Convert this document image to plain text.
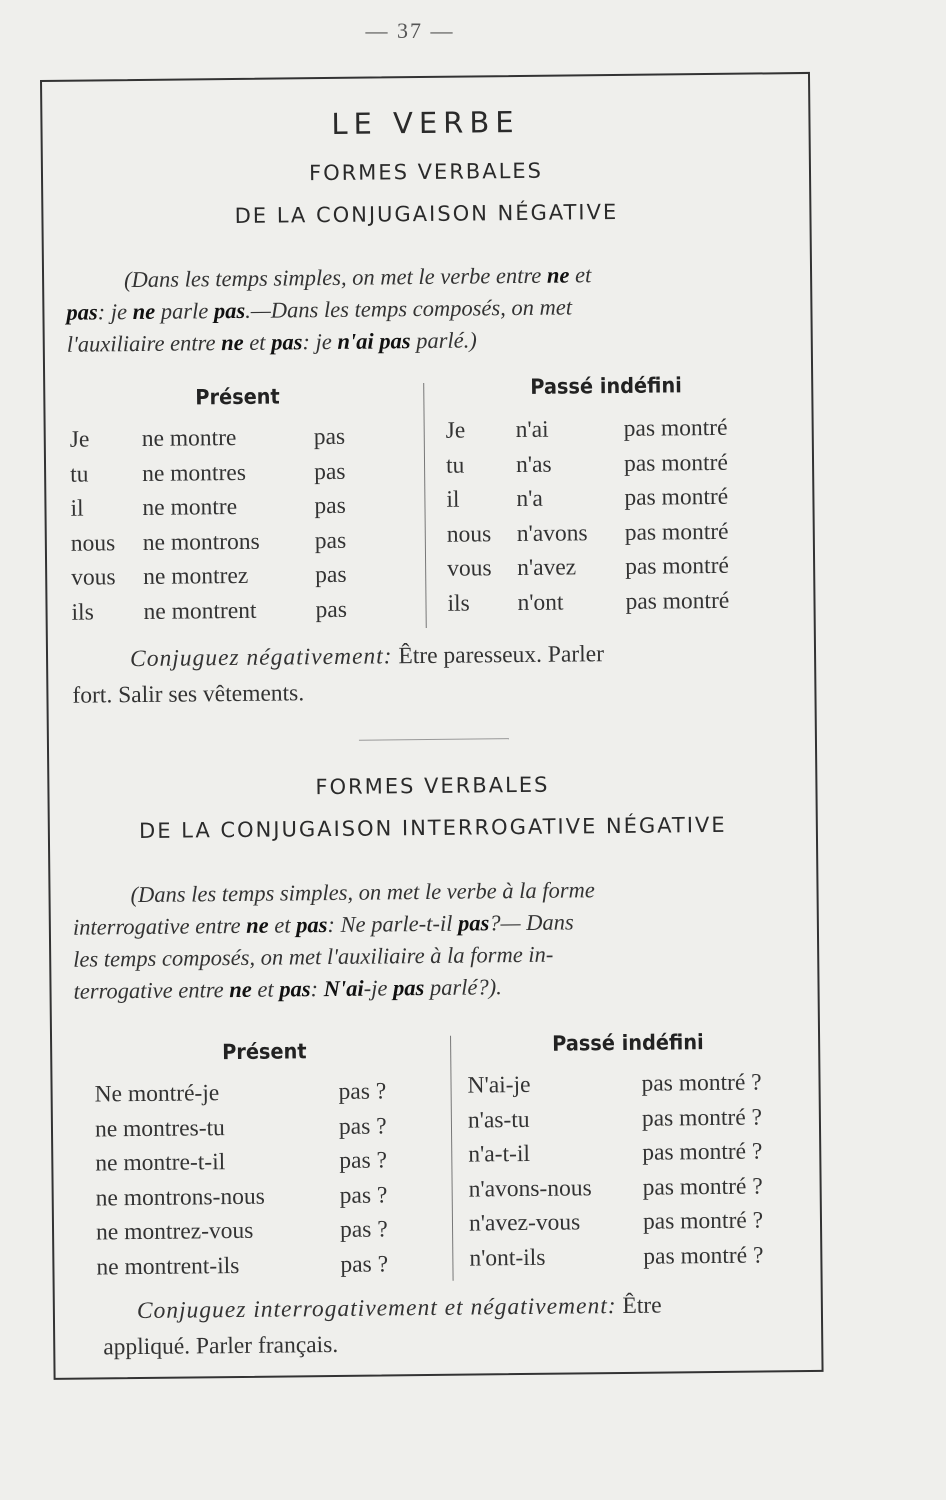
— 37 —
LE VERBE
FORMES VERBALES
DE LA CONJUGAISON NÉGATIVE
(Dans les temps simples, on met le verbe entre ne et
pas: je ne parle pas.—Dans les temps composés, on met
l'auxiliaire entre ne et pas: je n'ai pas parlé.)
Présent	Passé indéfini
Je ne montre	pas
tu ne montres	pas
il ne montre	pas
nous ne montrons pas
vous ne montrez	pas
ils ne montrent	pas
Je n'ai	pas montré
tu n'as	pas montré
il n'a	pas montré
nous n'avons pas montré
vous n'avez pas montré
ils n'ont	pas montré
Conjuguez négativement: Être paresseux. Parler
fort. Salir ses vêtements.
FORMES VERBALES
DE LA CONJUGAISON INTERROGATIVE NÉGATIVE
(Dans les temps simples, on met le verbe à la forme
interrogative entre ne et pas: Ne parle-t-il pas?— Dans
les temps composés, on met l'auxiliaire à la forme in-
terrogative entre ne et pas: N'ai-je pas parlé?).
Présent	Passé indéfini
Ne montré-je	pas ?
ne montres-tu	pas ?
ne montre-t-il	pas ?
ne montrons-nous	pas ?
ne montrez-vous	pas ?
ne montrent-ils	pas ?
N'ai-je	pas montré ?
n'as-tu	pas montré ?
n'a-t-il	pas montré ?
n'avons-nous pas montré ?
n'avez-vous	pas montré ?
n'ont-ils	pas montré ?
Conjuguez interrogativement et négativement: Être
appliqué. Parler français.
